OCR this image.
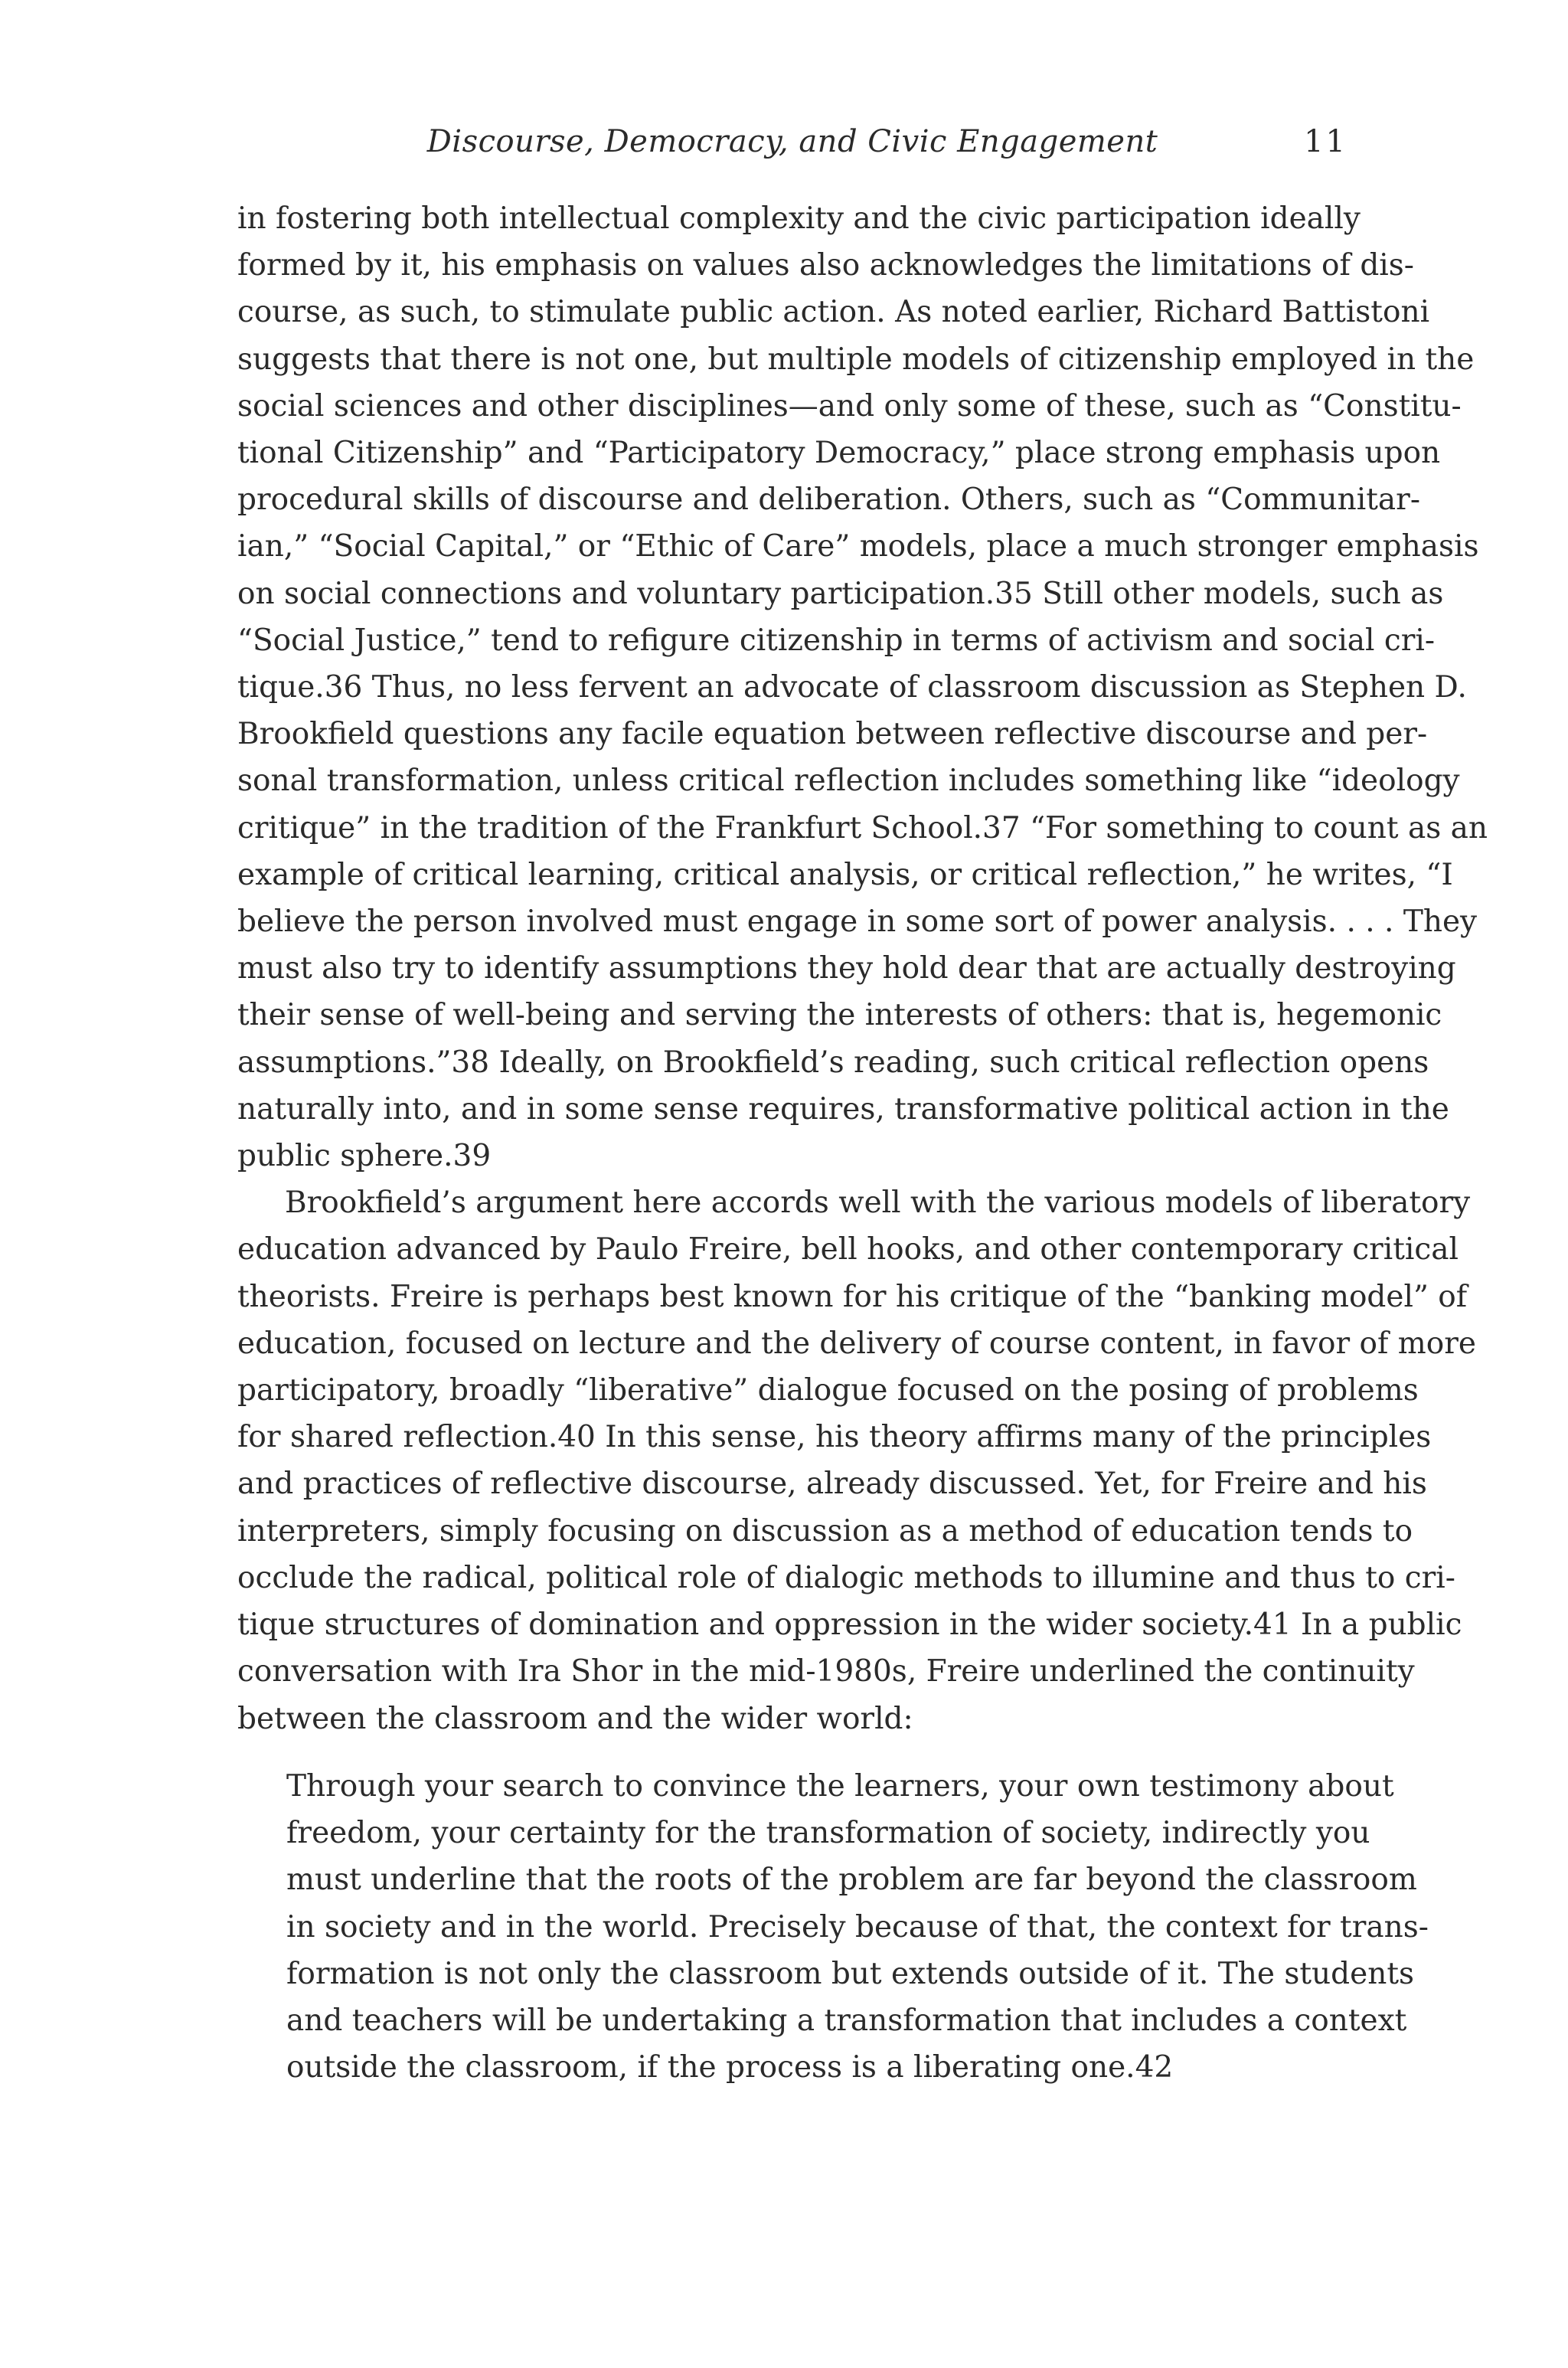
Discourse, Democracy, and Civic Engagement	11
in fostering both intellectual complexity and the civic participation ideally
formed by it, his emphasis on values also acknowledges the limitations of dis-
course, as such, to stimulate public action. As noted earlier, Richard Battistoni
suggests that there is not one, but multiple models of citizenship employed in the
social sciences and other disciplines—and only some of these, such as “Constitu-
tional Citizenship” and “Participatory Democracy,” place strong emphasis upon
procedural skills of discourse and deliberation. Others, such as “Communitar-
ian,” “Social Capital,” or “Ethic of Care” models, place a much stronger emphasis
on social connections and voluntary participation.35 Still other models, such as
“Social Justice,” tend to refigure citizenship in terms of activism and social cri-
tique.36 Thus, no less fervent an advocate of classroom discussion as Stephen D.
Brookfield questions any facile equation between reflective discourse and per-
sonal transformation, unless critical reflection includes something like “ideology
critique” in the tradition of the Frankfurt School.37 “For something to count as an
example of critical learning, critical analysis, or critical reflection,” he writes, “I
believe the person involved must engage in some sort of power analysis. . . . They
must also try to identify assumptions they hold dear that are actually destroying
their sense of well-being and serving the interests of others: that is, hegemonic
assumptions.”38 Ideally, on Brookfield’s reading, such critical reflection opens
naturally into, and in some sense requires, transformative political action in the
public sphere.39
Brookfield’s argument here accords well with the various models of liberatory
education advanced by Paulo Freire, bell hooks, and other contemporary critical
theorists. Freire is perhaps best known for his critique of the “banking model” of
education, focused on lecture and the delivery of course content, in favor of more
participatory, broadly “liberative” dialogue focused on the posing of problems
for shared reflection.40 In this sense, his theory affirms many of the principles
and practices of reflective discourse, already discussed. Yet, for Freire and his
interpreters, simply focusing on discussion as a method of education tends to
occlude the radical, political role of dialogic methods to illumine and thus to cri-
tique structures of domination and oppression in the wider society.41 In a public
conversation with Ira Shor in the mid-1980s, Freire underlined the continuity
between the classroom and the wider world:
Through your search to convince the learners, your own testimony about
freedom, your certainty for the transformation of society, indirectly you
must underline that the roots of the problem are far beyond the classroom
in society and in the world. Precisely because of that, the context for trans-
formation is not only the classroom but extends outside of it. The students
and teachers will be undertaking a transformation that includes a context
outside the classroom, if the process is a liberating one.42
